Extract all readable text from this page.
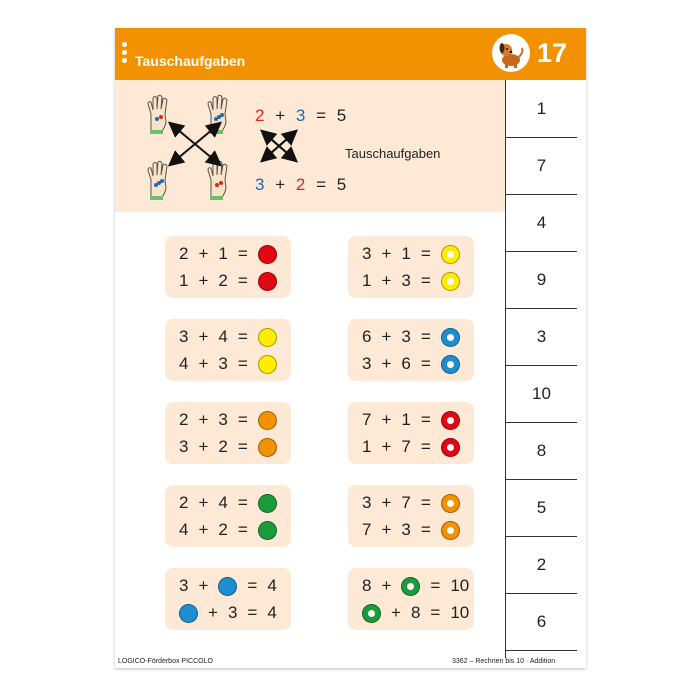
Tauschaufgaben	17
2 + 3 = 5
Tauschaufgaben
3 + 2 = 5
1
7
4
9
3
10
8
5
2
6
2 + 1 =
1 + 2 =
3 + 1 =
1 + 3 =
3 + 4 =
4 + 3 =
6 + 3 =
3 + 6 =
2 + 3 =
3 + 2 =
7 + 1 =
1 + 7 =
2 + 4 =
4 + 2 =
3 + 7 =
7 + 3 =
3 + = 4
+ 3 = 4
8 + = 10
+ 8 = 10
LOGICO-Förderbox PICCOLO	3362 – Rechnen bis 10 · Addition
